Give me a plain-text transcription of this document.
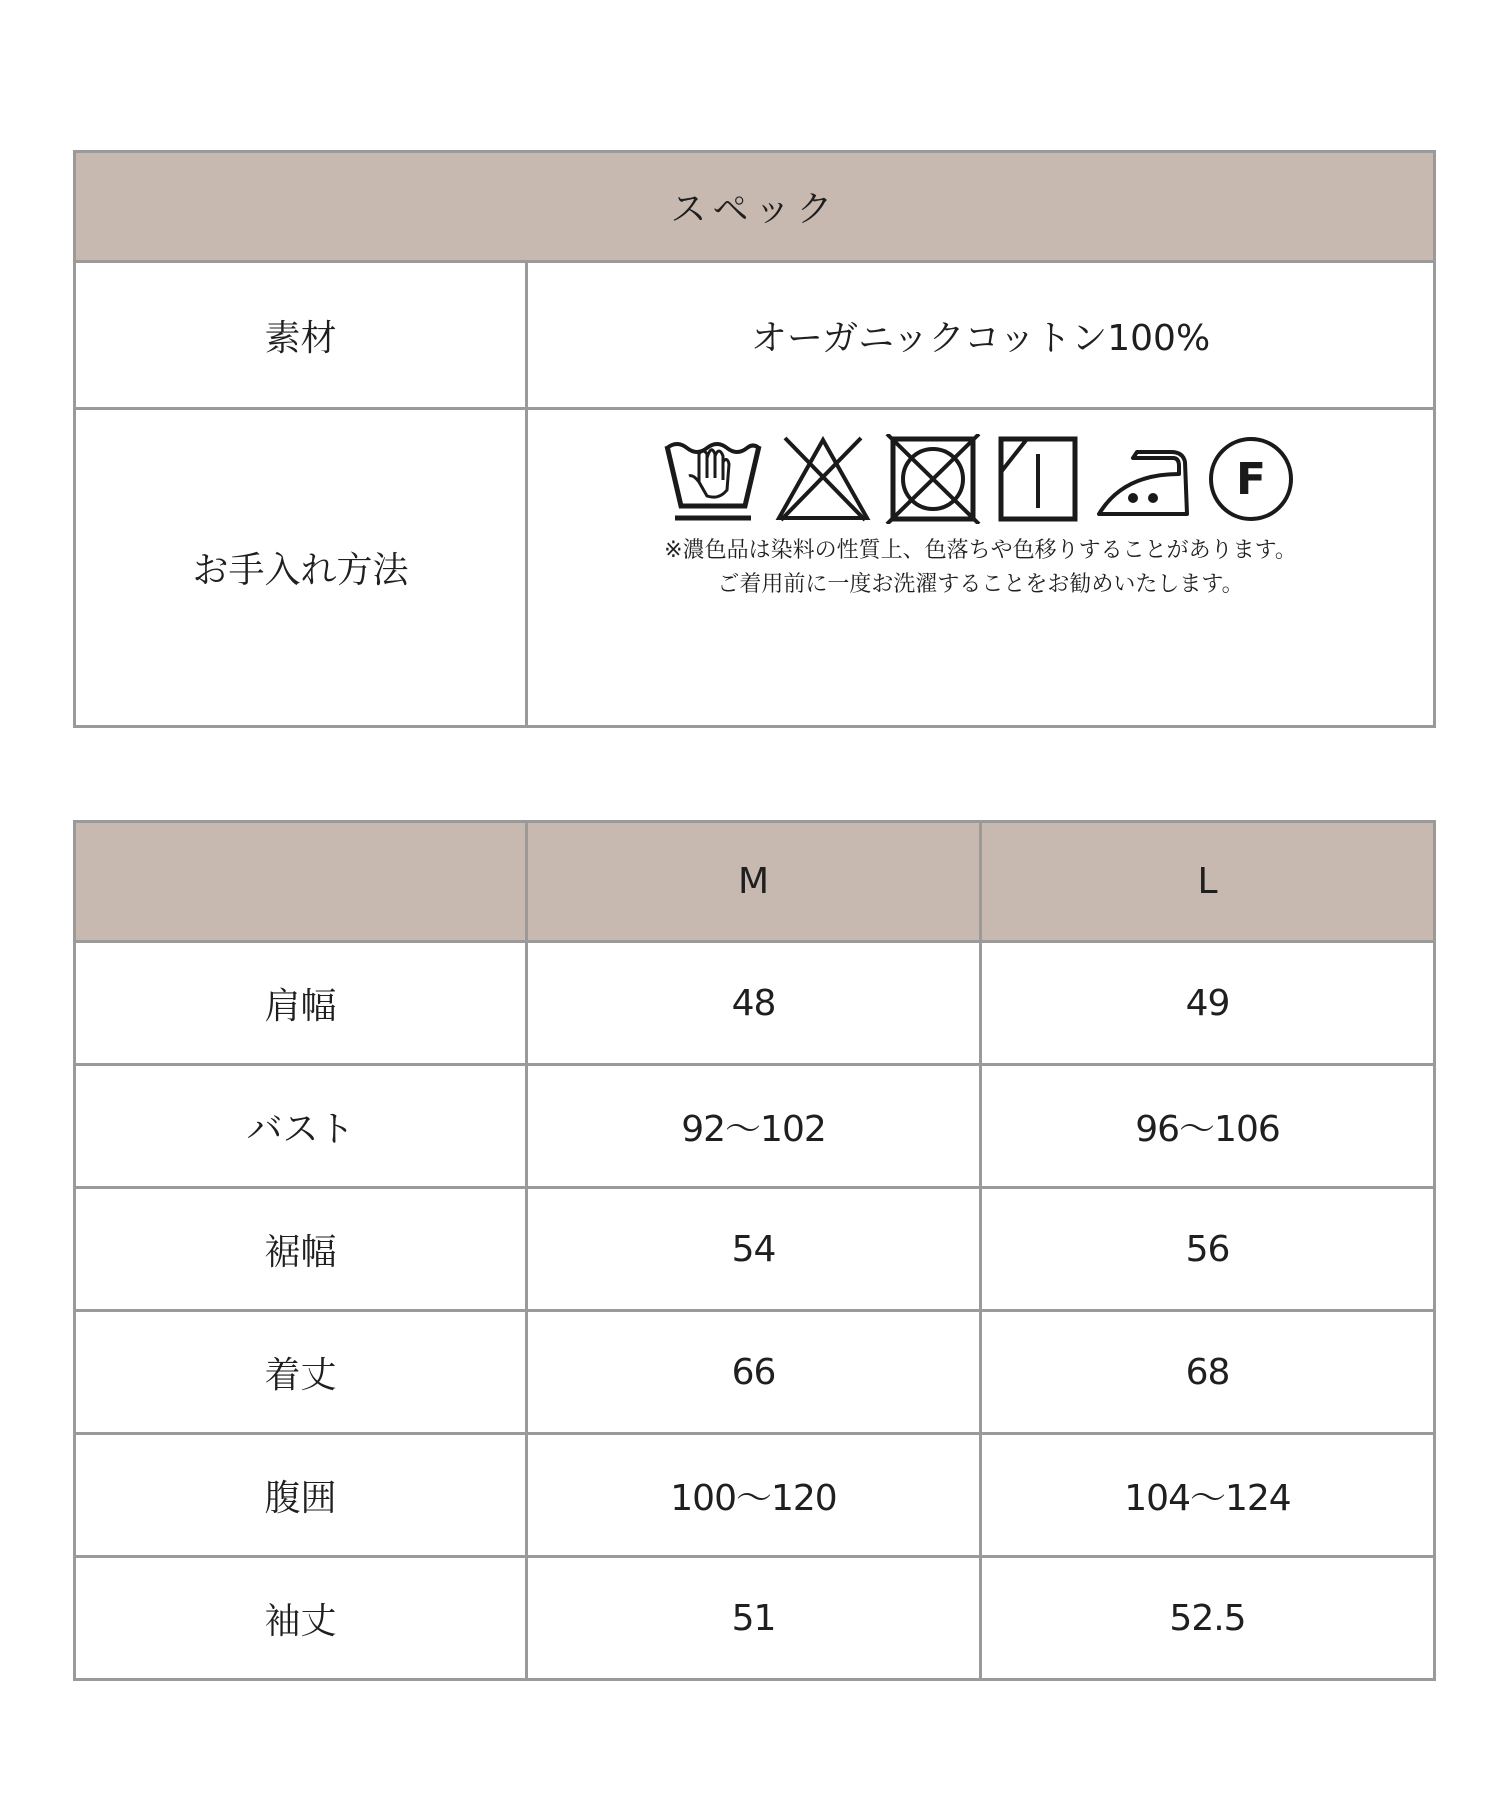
スペック	
素材	オーガニックコットン100%
お手入れ方法	F
※濃色品は染料の性質上、色落ちや色移りすることがあります。
ご着用前に一度お洗濯することをお勧めいたします。
	M	L
肩幅	48	49
バスト	92〜102	96〜106
裾幅	54	56
着丈	66	68
腹囲	100〜120	104〜124
袖丈	51	52.5
